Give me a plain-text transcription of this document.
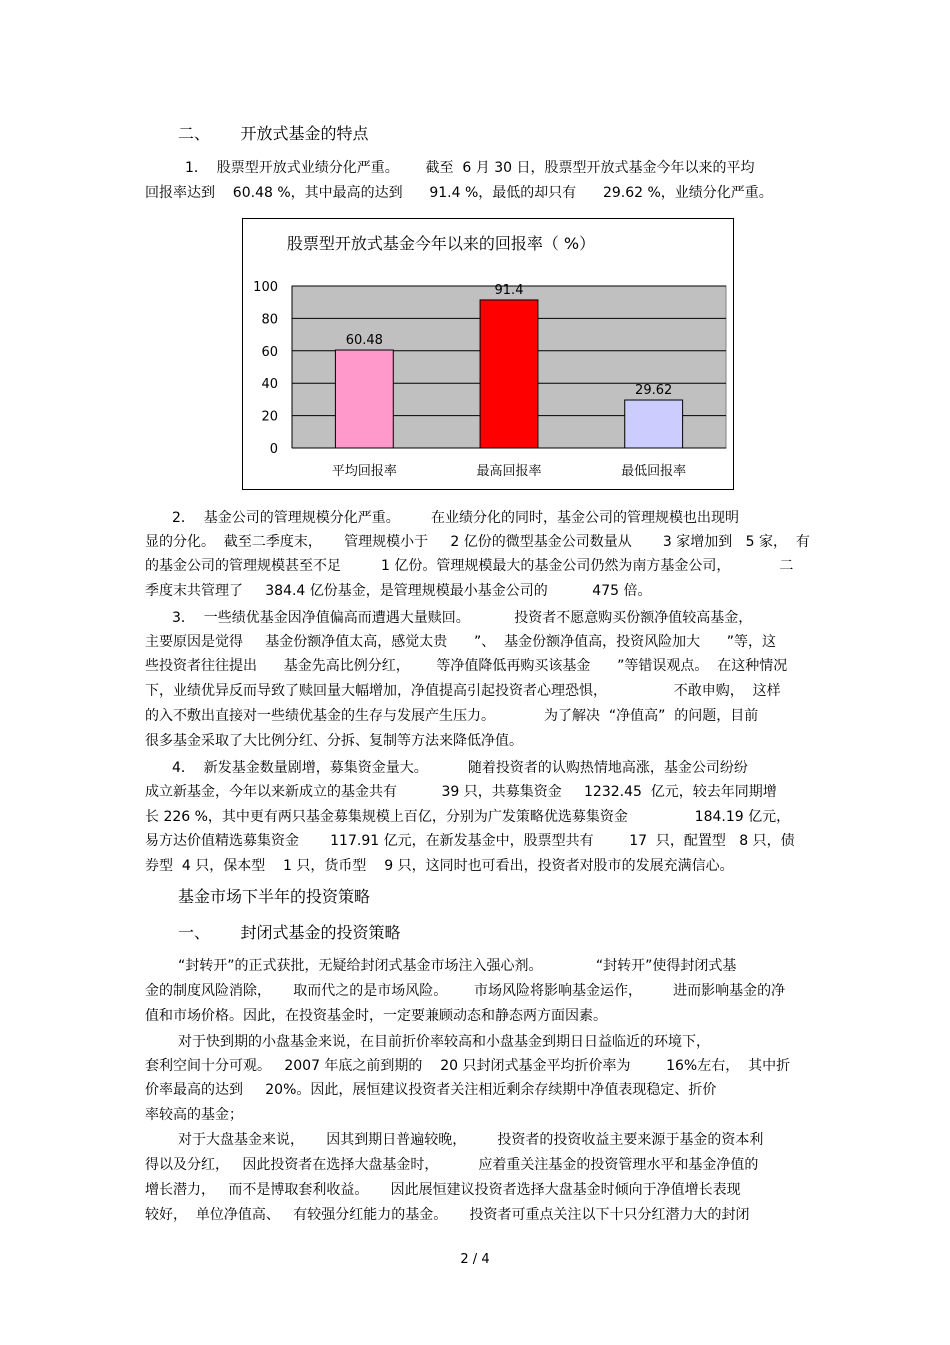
二、      开放式基金的特点
1．  股票型开放式业绩分化严重。      截至  6 月 30 日，股票型开放式基金今年以来的平均
回报率达到    60.48 %，其中最高的达到      91.4 %，最低的却只有      29.62 %，业绩分化严重。
股票型开放式基金今年以来的回报率（ %）
0
20
40
60
80
100
60.48
平均回报率
91.4
最高回报率
29.62
最低回报率
2．  基金公司的管理规模分化严重。       在业绩分化的同时，基金公司的管理规模也出现明
显的分化。  截至二季度末，     管理规模小于     2 亿份的微型基金公司数量从       3 家增加到   5 家，  有
的基金公司的管理规模甚至不足         1 亿份。管理规模最大的基金公司仍然为南方基金公司，           二
季度末共管理了     384.4 亿份基金，是管理规模最小基金公司的          475 倍。
3．  一些绩优基金因净值偏高而遭遇大量赎回。          投资者不愿意购买份额净值较高基金，
主要原因是觉得     基金份额净值太高，感觉太贵      ”、  基金份额净值高，投资风险加大      ”等，这
些投资者往往提出      基金先高比例分红，      等净值降低再购买该基金      ”等错误观点。  在这种情况
下，业绩优异反而导致了赎回量大幅增加，净值提高引起投资者心理恐惧，               不敢申购，  这样
的入不敷出直接对一些绩优基金的生存与发展产生压力。           为了解决  “净值高”  的问题，目前
很多基金采取了大比例分红、分拆、复制等方法来降低净值。
4．  新发基金数量剧增，募集资金量大。         随着投资者的认购热情地高涨，基金公司纷纷
成立新基金，今年以来新成立的基金共有          39 只，共募集资金     1232.45  亿元，较去年同期增
长 226 %，其中更有两只基金募集规模上百亿，分别为广发策略优选募集资金               184.19 亿元，
易方达价值精选募集资金       117.91 亿元，在新发基金中，股票型共有        17  只，配置型   8 只，债
券型  4 只，保本型    1 只，货币型    9 只，这同时也可看出，投资者对股市的发展充满信心。
基金市场下半年的投资策略
一、      封闭式基金的投资策略
“封转开”的正式获批，无疑给封闭式基金市场注入强心剂。            “封转开”使得封闭式基
金的制度风险消除，     取而代之的是市场风险。      市场风险将影响基金运作，       进而影响基金的净
值和市场价格。因此，在投资基金时，一定要兼顾动态和静态两方面因素。
对于快到期的小盘基金来说，在目前折价率较高和小盘基金到期日日益临近的环境下，
套利空间十分可观。   2007 年底之前到期的    20 只封闭式基金平均折价率为        16%左右，  其中折
价率最高的达到     20%。因此，展恒建议投资者关注相近剩余存续期中净值表现稳定、折价
率较高的基金；
对于大盘基金来说，     因其到期日普遍较晚，       投资者的投资收益主要来源于基金的资本利
得以及分红，   因此投资者在选择大盘基金时，         应着重关注基金的投资管理水平和基金净值的
增长潜力，   而不是博取套利收益。     因此展恒建议投资者选择大盘基金时倾向于净值增长表现
较好，  单位净值高、   有较强分红能力的基金。     投资者可重点关注以下十只分红潜力大的封闭
2 / 4
